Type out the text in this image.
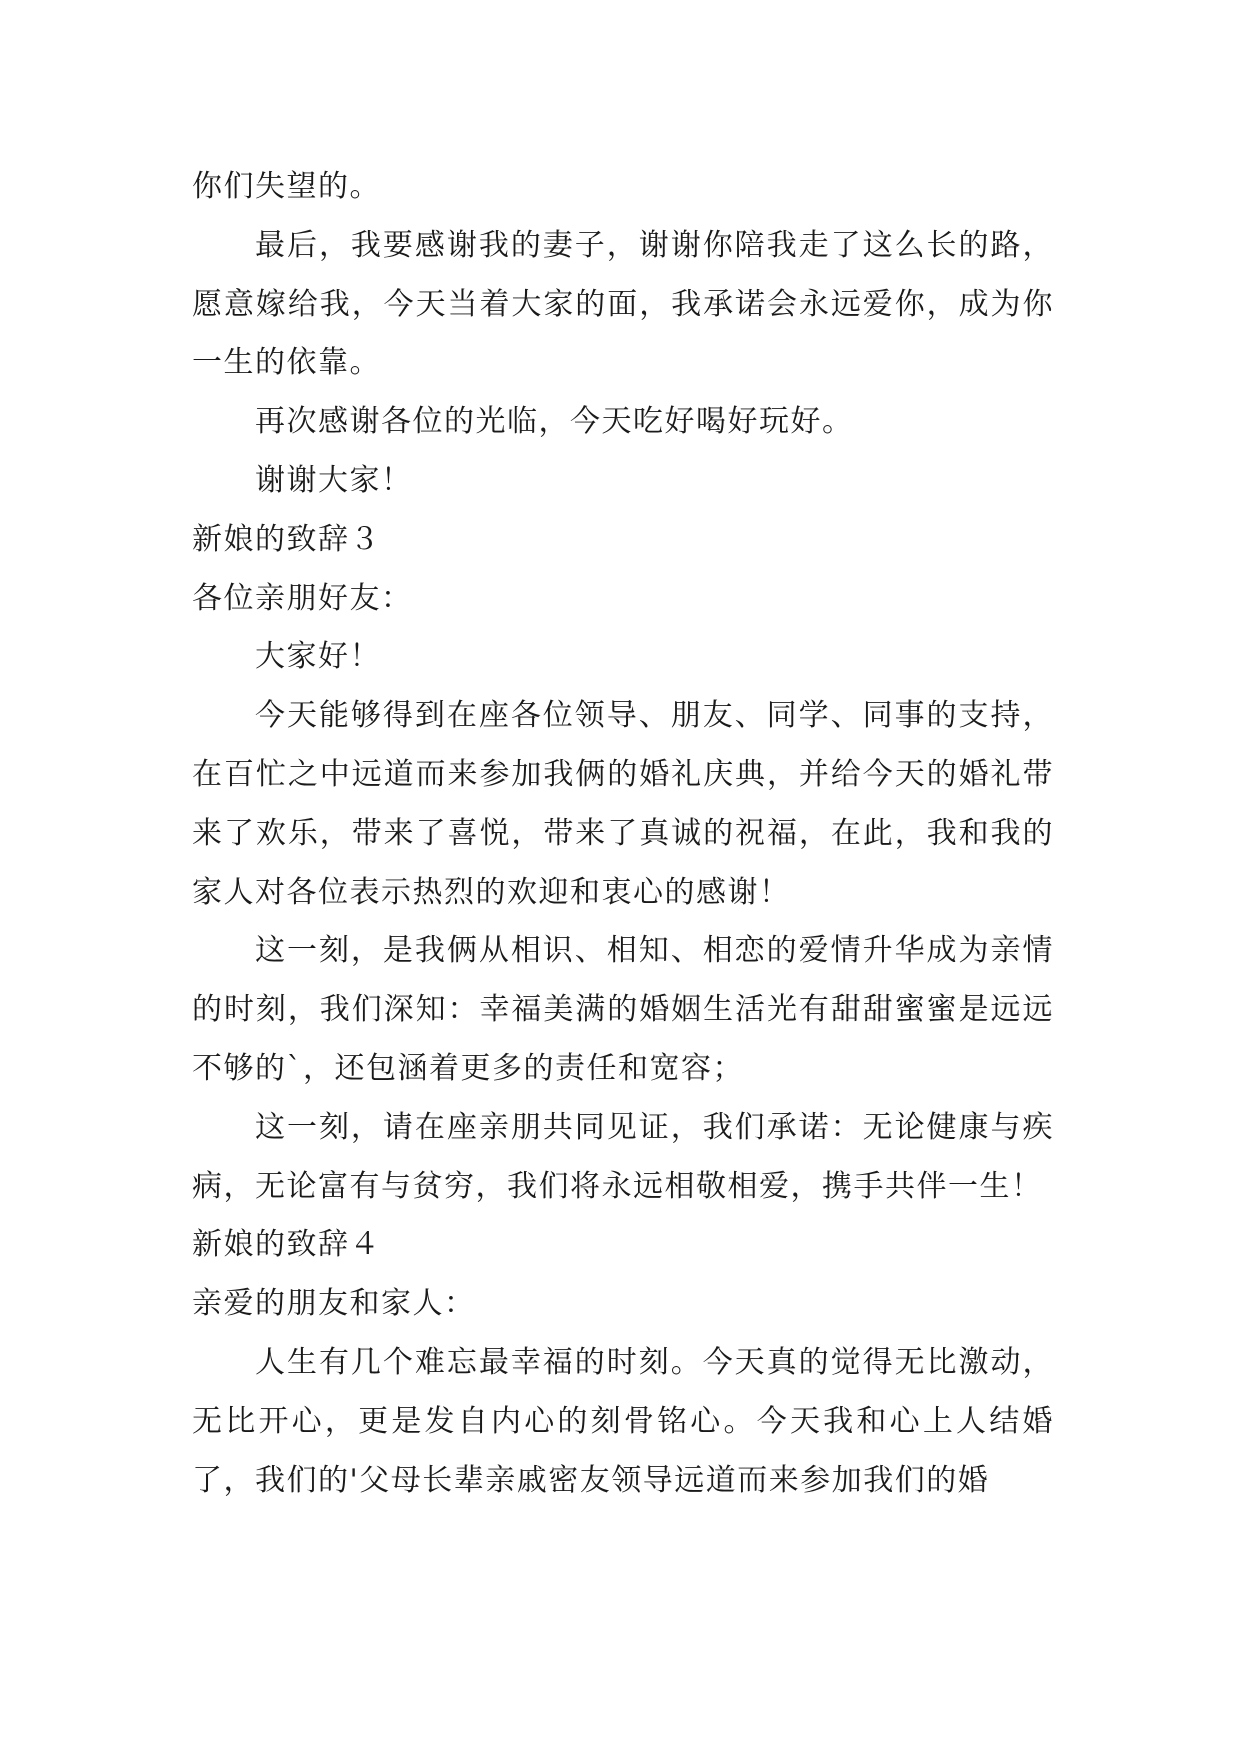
你们失望的。

最后，我要感谢我的妻子，谢谢你陪我走了这么长的路，愿意嫁给我，今天当着大家的面，我承诺会永远爱你，成为你一生的依靠。

再次感谢各位的光临，今天吃好喝好玩好。

谢谢大家！

新娘的致辞３

各位亲朋好友：

大家好！

今天能够得到在座各位领导、朋友、同学、同事的支持，在百忙之中远道而来参加我俩的婚礼庆典，并给今天的婚礼带来了欢乐，带来了喜悦，带来了真诚的祝福，在此，我和我的家人对各位表示热烈的欢迎和衷心的感谢！

这一刻，是我俩从相识、相知、相恋的爱情升华成为亲情的时刻，我们深知：幸福美满的婚姻生活光有甜甜蜜蜜是远远不够的`，还包涵着更多的责任和宽容；

这一刻，请在座亲朋共同见证，我们承诺：无论健康与疾病，无论富有与贫穷，我们将永远相敬相爱，携手共伴一生！

新娘的致辞４

亲爱的朋友和家人：

人生有几个难忘最幸福的时刻。今天真的觉得无比激动，无比开心，更是发自内心的刻骨铭心。今天我和心上人结婚了，我们的'父母长辈亲戚密友领导远道而来参加我们的婚
